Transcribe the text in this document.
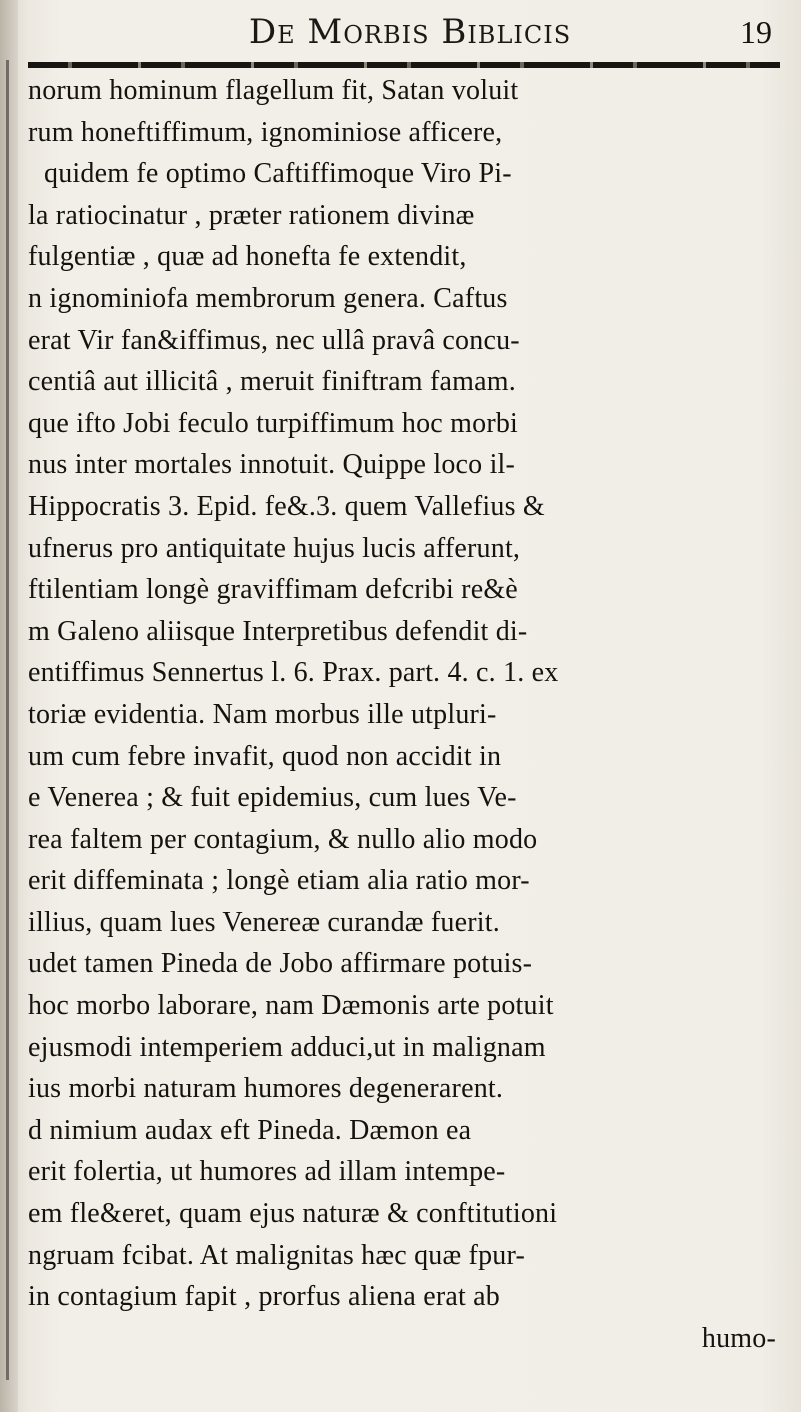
De Morbis Biblicis	19
norum hominum flagellum fit, Satan voluit
rum honeftiffimum, ignominiose afficere,
quidem fe optimo Caftiffimoque Viro Pi-
la ratiocinatur , præter rationem divinæ
fulgentiæ , quæ ad honefta fe extendit,
n ignominiofa membrorum genera. Caftus
erat Vir fan&iffimus, nec ullâ pravâ concu-
centiâ aut illicitâ , meruit finiftram famam.
que ifto Jobi feculo turpiffimum hoc morbi
nus inter mortales innotuit. Quippe loco il-
Hippocratis 3. Epid. fe&.3. quem Vallefius &
ufnerus pro antiquitate hujus lucis afferunt,
ftilentiam longè graviffimam defcribi re&è
m Galeno aliisque Interpretibus defendit di-
entiffimus Sennertus l. 6. Prax. part. 4. c. 1. ex
toriæ evidentia. Nam morbus ille utpluri-
um cum febre invafit, quod non accidit in
e Venerea ; & fuit epidemius, cum lues Ve-
rea faltem per contagium, & nullo alio modo
erit diffeminata ; longè etiam alia ratio mor-
illius, quam lues Venereæ curandæ fuerit.
udet tamen Pineda de Jobo affirmare potuis-
hoc morbo laborare, nam Dæmonis arte potuit
ejusmodi intemperiem adduci,ut in malignam
ius morbi naturam humores degenerarent.
d nimium audax eft Pineda. Dæmon ea
erit folertia, ut humores ad illam intempe-
em fle&eret, quam ejus naturæ & conftitutioni
ngruam fcibat. At malignitas hæc quæ fpur-
in contagium fapit , prorfus aliena erat ab
humo-
